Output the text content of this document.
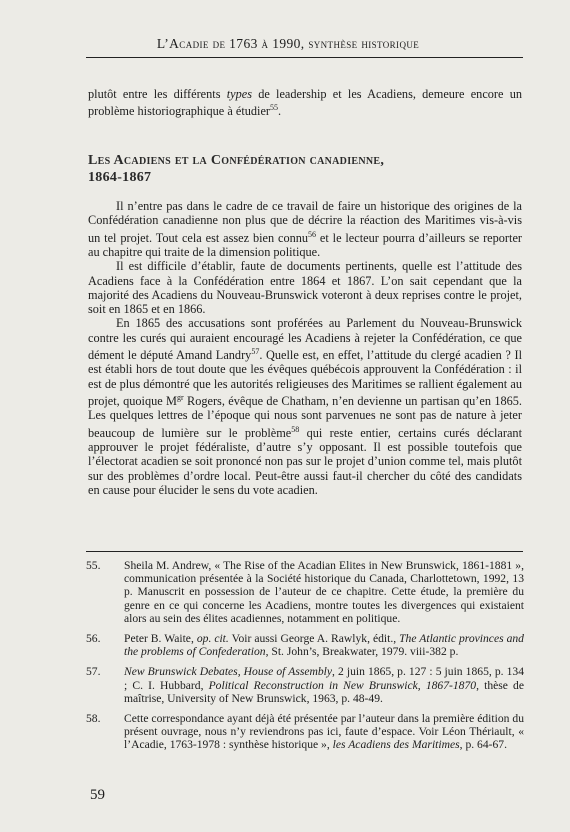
L’Acadie de 1763 à 1990, synthèse historique

plutôt entre les différents types de leadership et les Acadiens, demeure encore un problème historiographique à étudier$^{55}$.

Les Acadiens et la Confédération canadienne,
1864-1867

Il n’entre pas dans le cadre de ce travail de faire un historique des origines de la Confédération canadienne non plus que de décrire la réaction des Maritimes vis-à-vis un tel projet. Tout cela est assez bien connu$^{56}$ et le lecteur pourra d’ailleurs se reporter au chapitre qui traite de la dimension politique.

Il est difficile d’établir, faute de documents pertinents, quelle est l’attitude des Acadiens face à la Confédération entre 1864 et 1867. L’on sait cependant que la majorité des Acadiens du Nouveau-Brunswick voteront à deux reprises contre le projet, soit en 1865 et en 1866.

En 1865 des accusations sont proférées au Parlement du Nouveau-Brunswick contre les curés qui auraient encouragé les Acadiens à rejeter la Confédération, ce que dément le député Amand Landry$^{57}$. Quelle est, en effet, l’attitude du clergé acadien ? Il est établi hors de tout doute que les évêques québécois approuvent la Confédération : il est de plus démontré que les autorités religieuses des Maritimes se rallient également au projet, quoique $M^{gr}$ Rogers, évêque de Chatham, n’en devienne un partisan qu’en 1865. Les quelques lettres de l’époque qui nous sont parvenues ne sont pas de nature à jeter beaucoup de lumière sur le problème$^{58}$ qui reste entier, certains curés déclarant approuver le projet fédéraliste, d’autre s’y opposant. Il est possible toutefois que l’électorat acadien se soit prononcé non pas sur le projet d’union comme tel, mais plutôt sur des problèmes d’ordre local. Peut-être aussi faut-il chercher du côté des candidats en cause pour élucider le sens du vote acadien.

55.	Sheila M. Andrew, « The Rise of the Acadian Elites in New Brunswick, 1861-1881 », communication présentée à la Société historique du Canada, Charlottetown, 1992, 13 p. Manuscrit en possession de l’auteur de ce chapitre. Cette étude, la première du genre en ce qui concerne les Acadiens, montre toutes les divergences qui existaient alors au sein des élites acadiennes, notamment en politique.
56.	Peter B. Waite, op. cit. Voir aussi George A. Rawlyk, édit., The Atlantic provinces and the problems of Confederation, St. John’s, Breakwater, 1979. viii-382 p.
57.	New Brunswick Debates, House of Assembly, 2 juin 1865, p. 127 : 5 juin 1865, p. 134 ; C. I. Hubbard, Political Reconstruction in New Brunswick, 1867-1870, thèse de maîtrise, University of New Brunswick, 1963, p. 48-49.
58.	Cette correspondance ayant déjà été présentée par l’auteur dans la première édition du présent ouvrage, nous n’y reviendrons pas ici, faute d’espace. Voir Léon Thériault, « l’Acadie, 1763-1978 : synthèse historique », les Acadiens des Maritimes, p. 64-67.
59
